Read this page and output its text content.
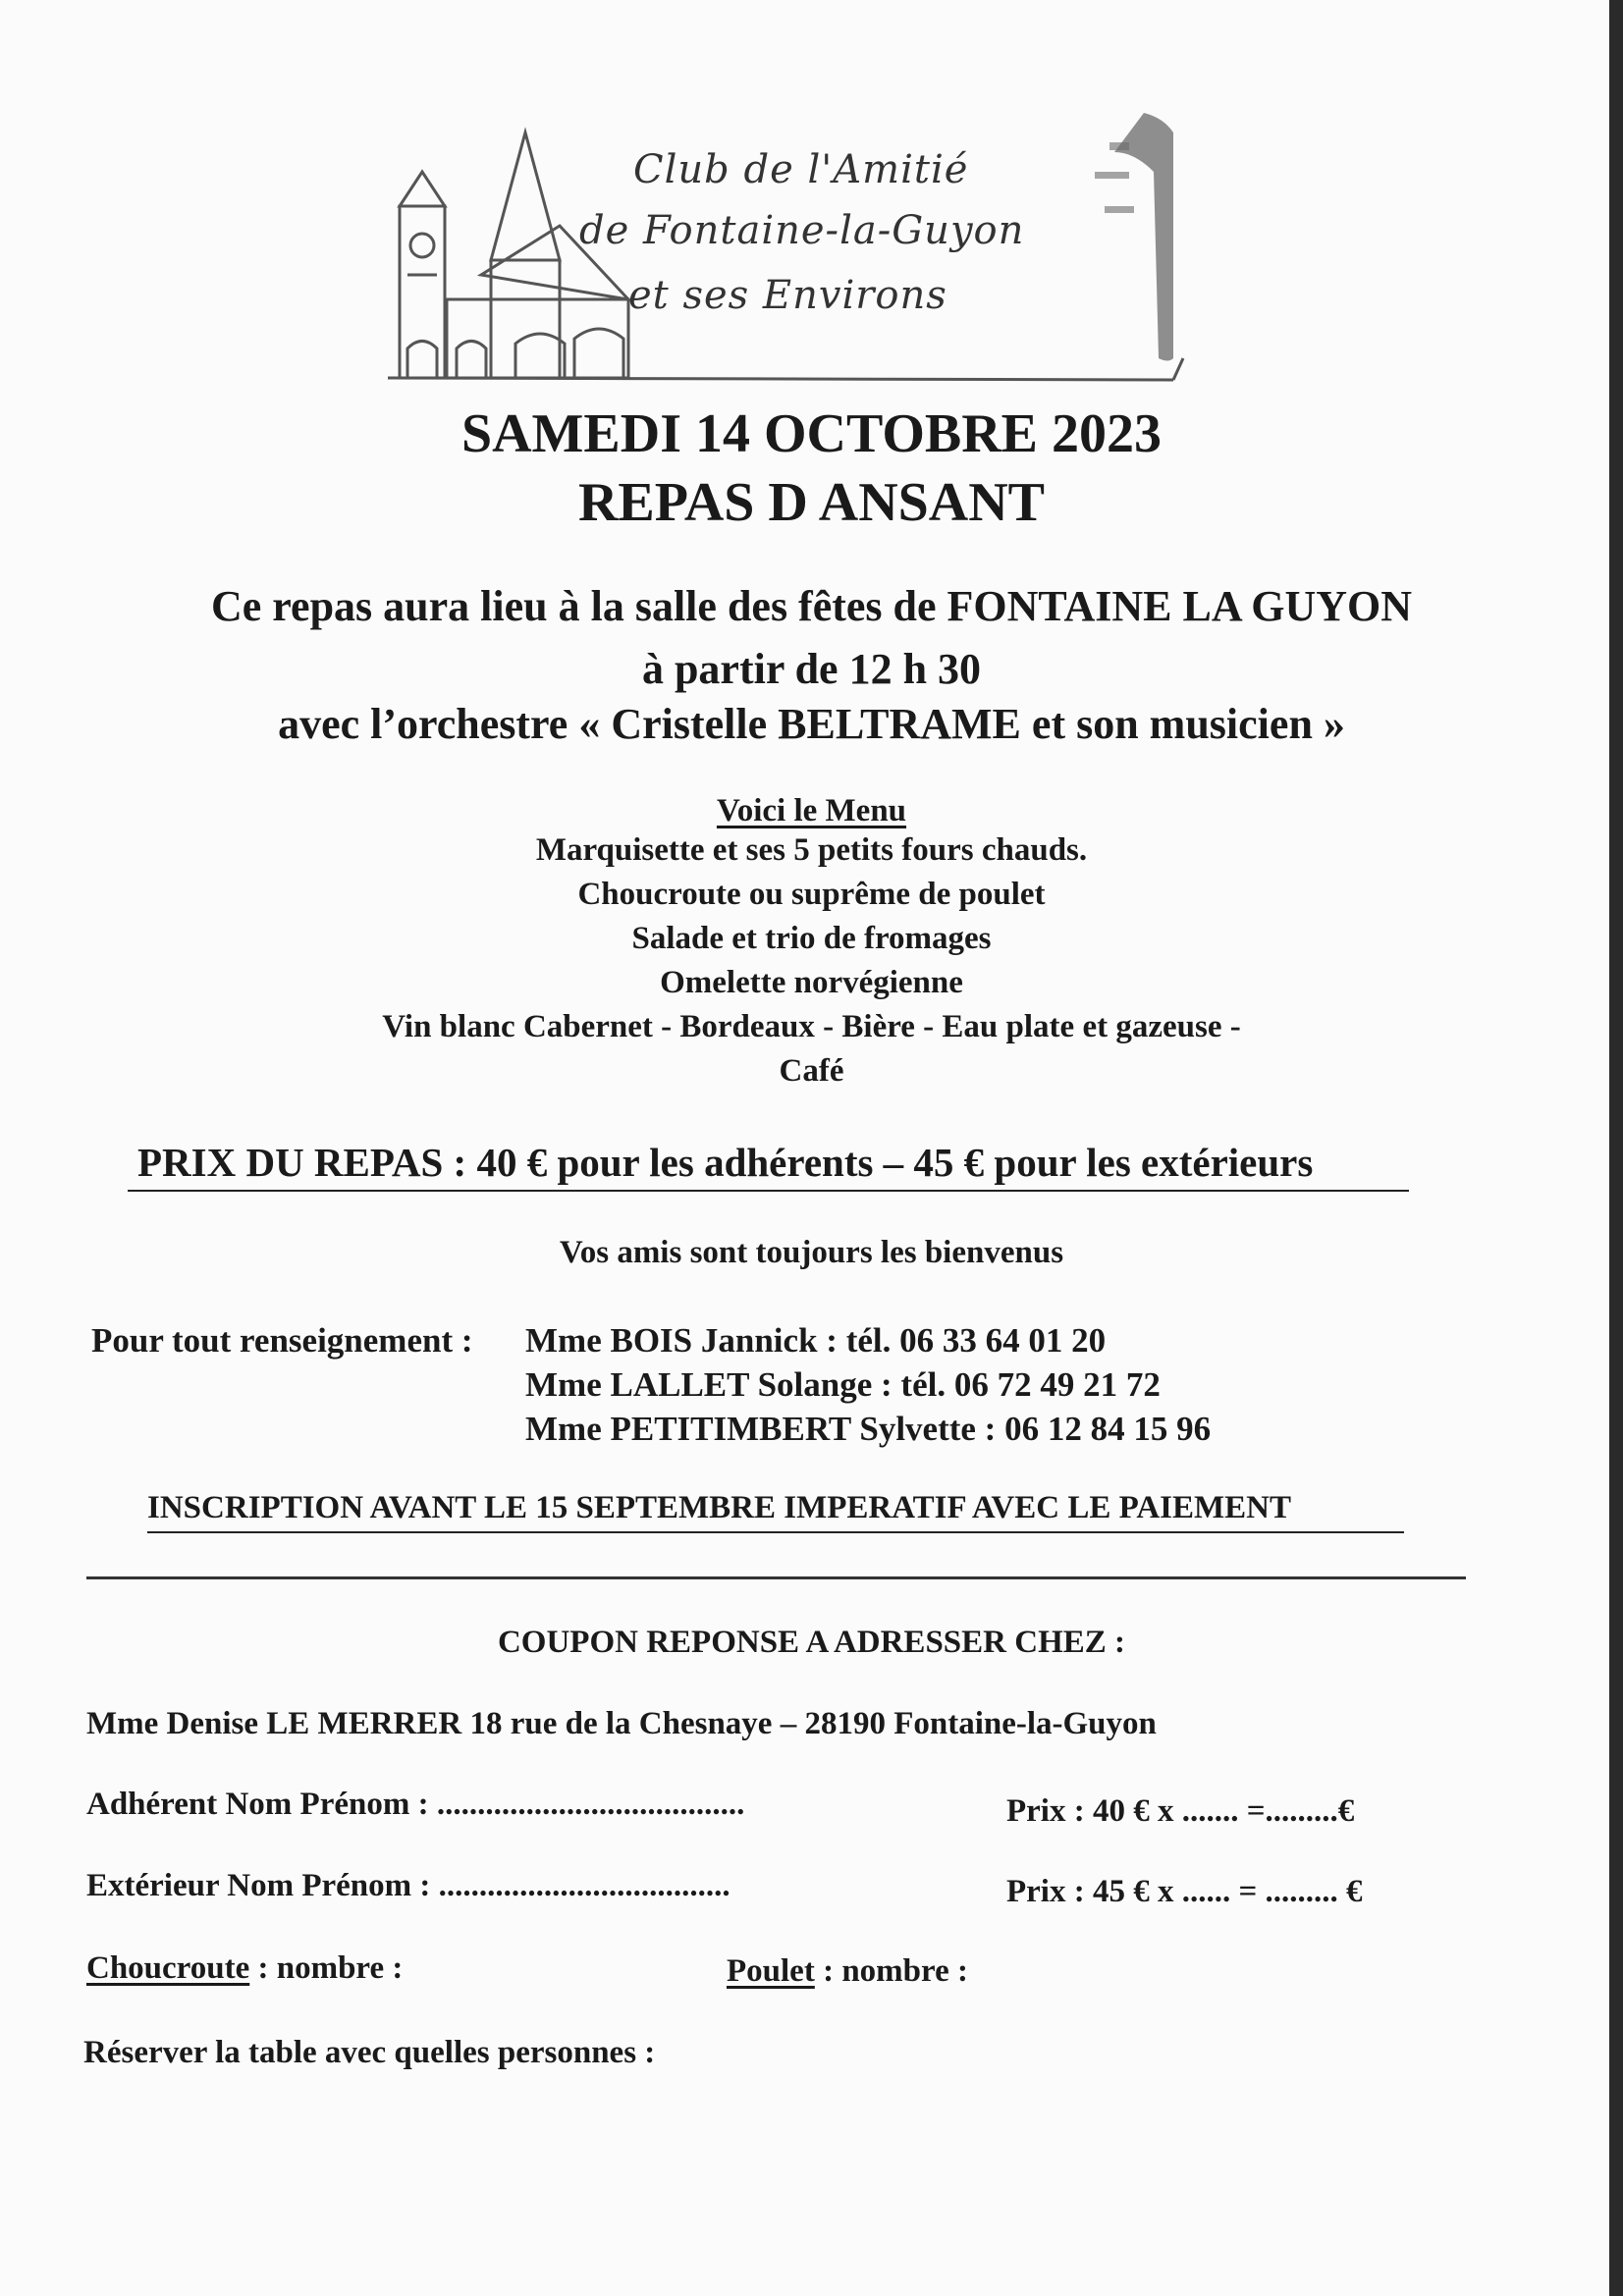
Club de l'Amitié
de Fontaine-la-Guyon
et ses Environs
SAMEDI 14 OCTOBRE 2023
REPAS D ANSANT
Ce repas aura lieu à la salle des fêtes de FONTAINE LA GUYON
à partir de 12 h 30
avec l’orchestre « Cristelle BELTRAME et son musicien »
Voici le Menu
Marquisette et ses 5 petits fours chauds.
Choucroute ou suprême de poulet
Salade et trio de fromages
Omelette norvégienne
Vin blanc Cabernet - Bordeaux - Bière - Eau plate et gazeuse -
Café
PRIX DU REPAS : 40 € pour les adhérents – 45 € pour les extérieurs
Vos amis sont toujours les bienvenus
Pour tout renseignement : Mme BOIS Jannick : tél. 06 33 64 01 20
Mme LALLET Solange : tél. 06 72 49 21 72
Mme PETITIMBERT Sylvette : 06 12 84 15 96
INSCRIPTION AVANT LE 15 SEPTEMBRE IMPERATIF AVEC LE PAIEMENT
COUPON REPONSE A ADRESSER CHEZ :
Mme Denise LE MERRER 18 rue de la Chesnaye – 28190 Fontaine-la-Guyon
Adhérent Nom Prénom : ......................................	Prix : 40 € x ....... =.........€
Extérieur Nom Prénom : ....................................	Prix : 45 € x ...... = ......... €
Choucroute : nombre :	Poulet : nombre :
Réserver la table avec quelles personnes :
